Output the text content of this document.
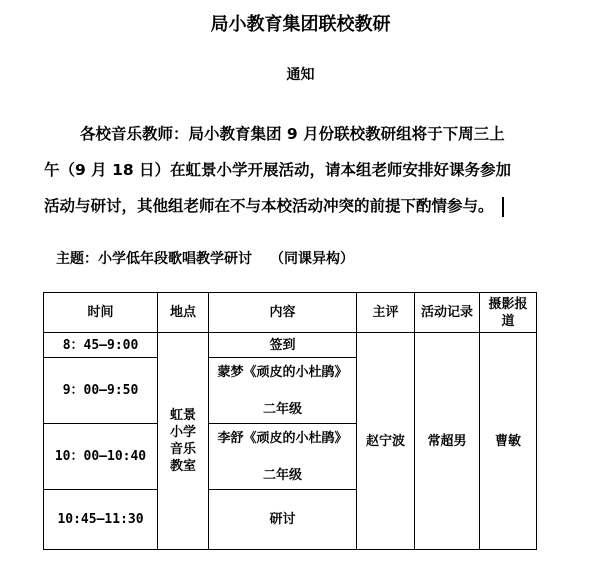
局小教育集团联校教研
通知
各校音乐教师：局小教育集团 9 月份联校教研组将于下周三上
午（9 月 18 日）在虹景小学开展活动，请本组老师安排好课务参加
活动与研讨，其他组老师在不与本校活动冲突的前提下酌情参与。
主题：小学低年段歌唱教学研讨 （同课异构）
时间	地点	内容	主评	活动记录	摄影报道
8：45—9:00	虹景小学音乐教室	签到	赵宁波	常超男	曹敏
9：00—9:50		蒙梦《顽皮的小杜鹃》
二年级			

10：00—10:40		李舒《顽皮的小杜鹃》
二年级			

10:45—11:30		研讨			
